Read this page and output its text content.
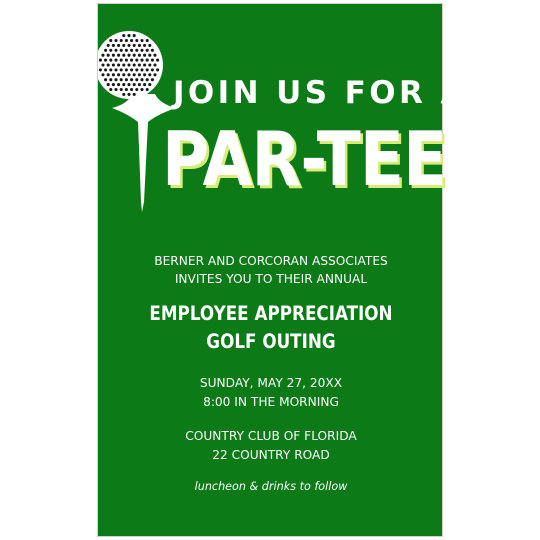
JOIN US FOR A
PAR-TEE
BERNER AND CORCORAN ASSOCIATES
INVITES YOU TO THEIR ANNUAL
EMPLOYEE APPRECIATION
GOLF OUTING
SUNDAY, MAY 27, 20XX
8:00 IN THE MORNING
COUNTRY CLUB OF FLORIDA
22 COUNTRY ROAD
luncheon & drinks to follow
